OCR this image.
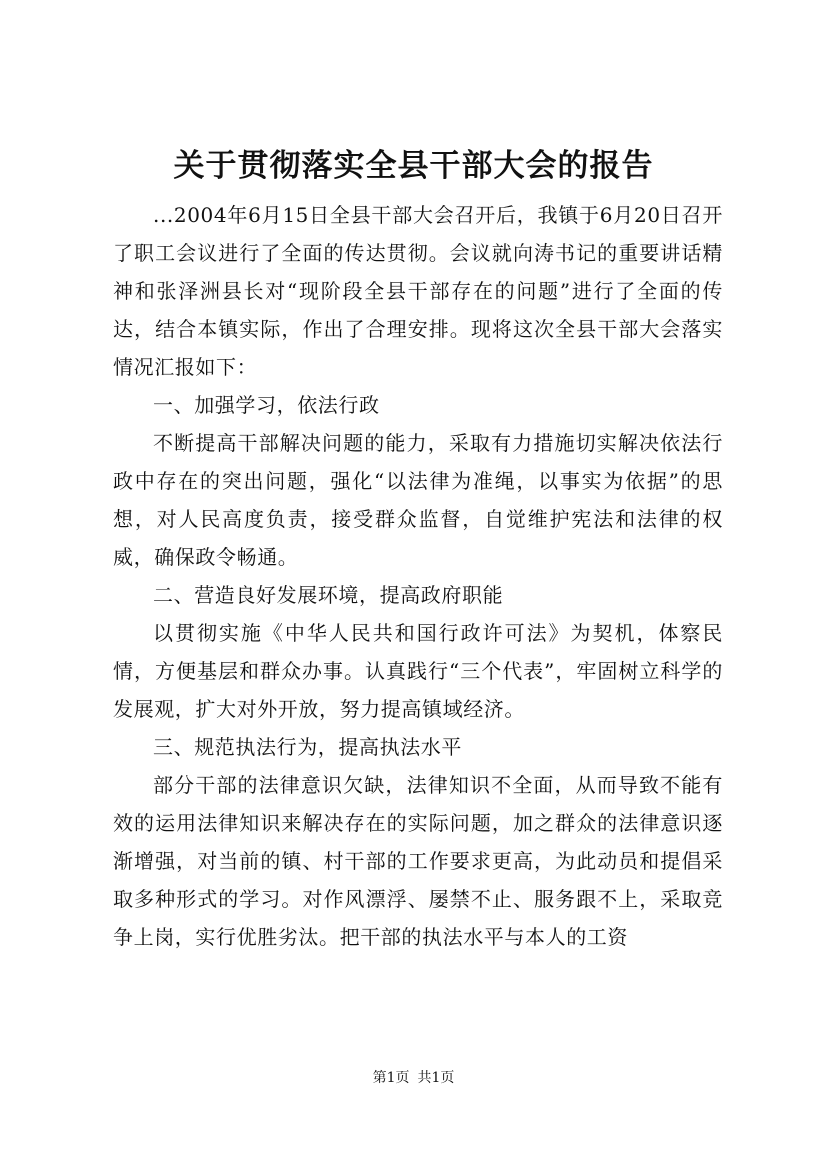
关于贯彻落实全县干部大会的报告

...2004年6月15日全县干部大会召开后，我镇于6月20日召开了职工会议进行了全面的传达贯彻。会议就向涛书记的重要讲话精神和张泽洲县长对“现阶段全县干部存在的问题”进行了全面的传达，结合本镇实际，作出了合理安排。现将这次全县干部大会落实情况汇报如下：

一、加强学习，依法行政

不断提高干部解决问题的能力，采取有力措施切实解决依法行政中存在的突出问题，强化“以法律为准绳，以事实为依据”的思想，对人民高度负责，接受群众监督，自觉维护宪法和法律的权威，确保政令畅通。

二、营造良好发展环境，提高政府职能

以贯彻实施《中华人民共和国行政许可法》为契机，体察民情，方便基层和群众办事。认真践行“三个代表”，牢固树立科学的发展观，扩大对外开放，努力提高镇域经济。

三、规范执法行为，提高执法水平

部分干部的法律意识欠缺，法律知识不全面，从而导致不能有效的运用法律知识来解决存在的实际问题，加之群众的法律意识逐渐增强，对当前的镇、村干部的工作要求更高，为此动员和提倡采取多种形式的学习。对作风漂浮、屡禁不止、服务跟不上，采取竞争上岗，实行优胜劣汰。把干部的执法水平与本人的工资

第1页 共1页
